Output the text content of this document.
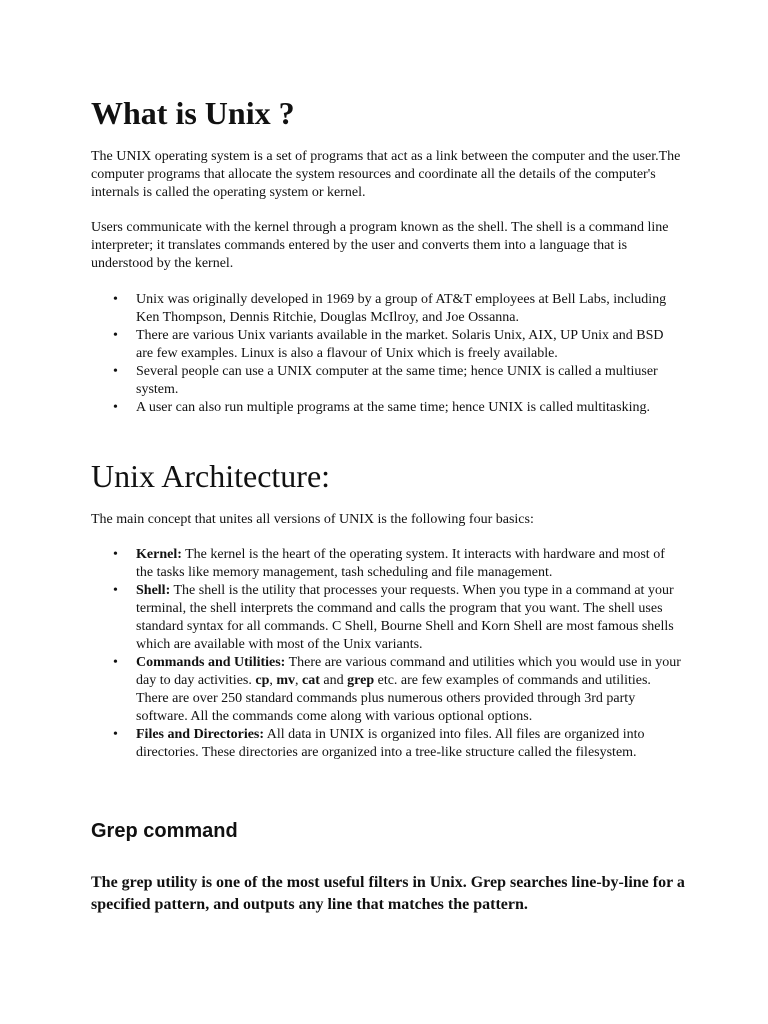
What is Unix ?

The UNIX operating system is a set of programs that act as a link between the computer and the user.The computer programs that allocate the system resources and coordinate all the details of the computer's internals is called the operating system or kernel.

Users communicate with the kernel through a program known as the shell. The shell is a command line interpreter; it translates commands entered by the user and converts them into a language that is understood by the kernel.

• Unix was originally developed in 1969 by a group of AT&T employees at Bell Labs, including Ken Thompson, Dennis Ritchie, Douglas McIlroy, and Joe Ossanna.
• There are various Unix variants available in the market. Solaris Unix, AIX, UP Unix and BSD are few examples. Linux is also a flavour of Unix which is freely available.
• Several people can use a UNIX computer at the same time; hence UNIX is called a multiuser system.
• A user can also run multiple programs at the same time; hence UNIX is called multitasking.
Unix Architecture:

The main concept that unites all versions of UNIX is the following four basics:

• Kernel: The kernel is the heart of the operating system. It interacts with hardware and most of the tasks like memory management, tash scheduling and file management.
• Shell: The shell is the utility that processes your requests. When you type in a command at your terminal, the shell interprets the command and calls the program that you want. The shell uses standard syntax for all commands. C Shell, Bourne Shell and Korn Shell are most famous shells which are available with most of the Unix variants.
• Commands and Utilities: There are various command and utilities which you would use in your day to day activities. cp, mv, cat and grep etc. are few examples of commands and utilities. There are over 250 standard commands plus numerous others provided through 3rd party software. All the commands come along with various optional options.
• Files and Directories: All data in UNIX is organized into files. All files are organized into directories. These directories are organized into a tree-like structure called the filesystem.
Grep command

The grep utility is one of the most useful filters in Unix. Grep searches line-by-line for a specified pattern, and outputs any line that matches the pattern.
